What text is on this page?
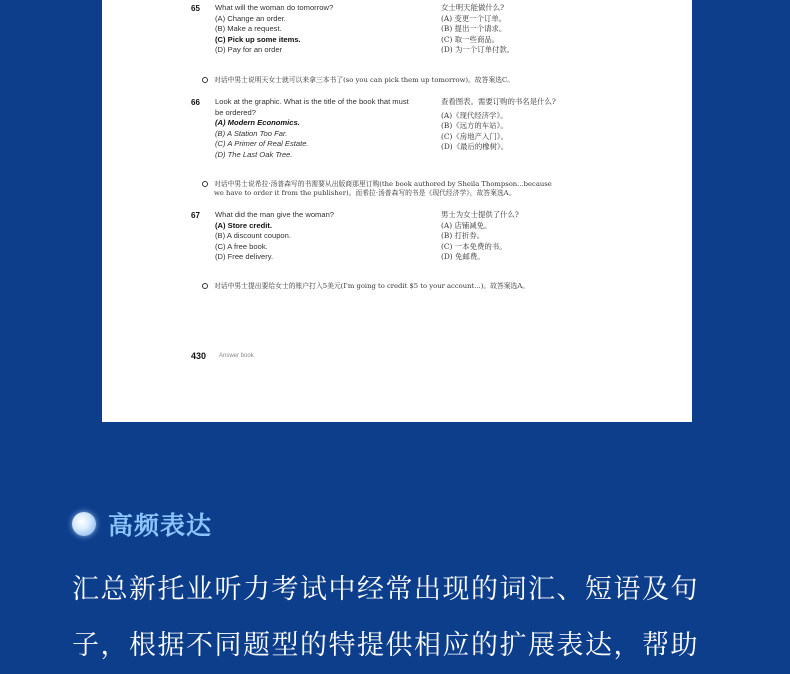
65 What will the woman do tomorrow?
(A) Change an order.
(B) Make a request.
(C) Pick up some items.
(D) Pay for an order
女士明天能做什么?
(A) 变更一个订单。
(B) 提出一个请求。
(C) 取一些商品。
(D) 为一个订单付款。
对话中男士说明天女士就可以来拿三本书了(so you can pick them up tomorrow)。故答案选C。
66 Look at the graphic. What is the title of the book that must
be ordered?
(A) Modern Economics.
(B) A Station Too Far.
(C) A Primer of Real Estate.
(D) The Last Oak Tree.
查看图表。需要订购的书名是什么?
(A)《现代经济学》。
(B)《远方的车站》。
(C)《房地产入门》。
(D)《最后的橡树》。
对话中男士说希拉·汤普森写的书需要从出版商那里订购(the book authored by Sheila Thompson...because
we have to order it from the publisher)。而希拉·汤普森写的书是《现代经济学》，故答案选A。
67 What did the man give the woman?
(A) Store credit.
(B) A discount coupon.
(C) A free book.
(D) Free delivery.
男士为女士提供了什么?
(A) 店铺减免。
(B) 打折券。
(C) 一本免费的书。
(D) 免邮费。
对话中男士提出要给女士的账户打入5美元(I'm going to credit $5 to your account...)。故答案选A。
430 Answer book
高频表达
汇总新托业听力考试中经常出现的词汇、短语及句
子，根据不同题型的特提供相应的扩展表达，帮助
